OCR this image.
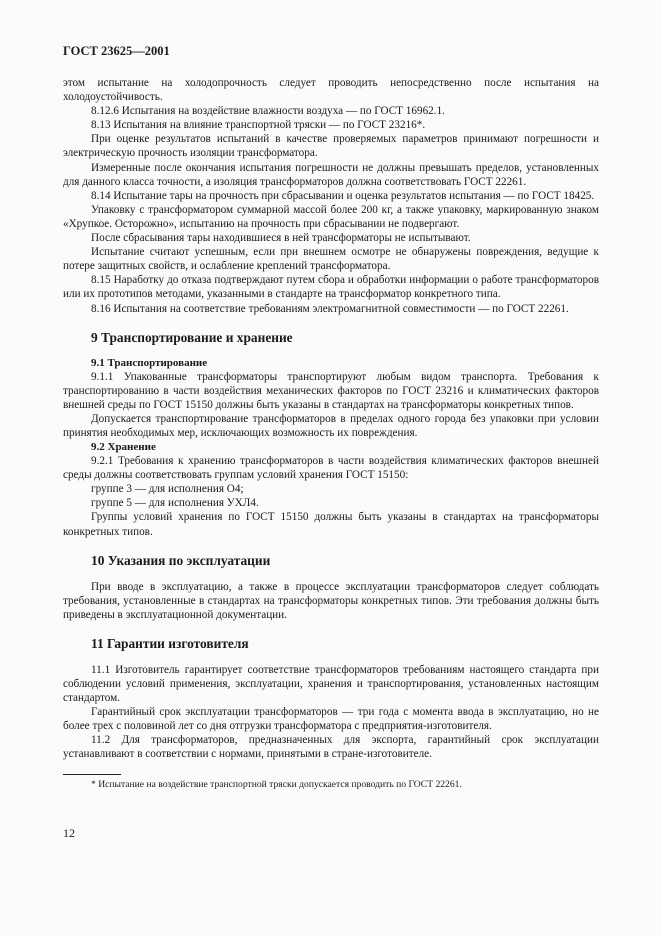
ГОСТ 23625—2001

этом испытание на холодопрочность следует проводить непосредственно после испытания на холодоустойчивость.

8.12.6 Испытания на воздействие влажности воздуха — по ГОСТ 16962.1.

8.13 Испытания на влияние транспортной тряски — по ГОСТ 23216*.

При оценке результатов испытаний в качестве проверяемых параметров принимают погрешности и электрическую прочность изоляции трансформатора.

Измеренные после окончания испытания погрешности не должны превышать пределов, установленных для данного класса точности, а изоляция трансформаторов должна соответствовать ГОСТ 22261.

8.14 Испытание тары на прочность при сбрасывании и оценка результатов испытания — по ГОСТ 18425.

Упаковку с трансформатором суммарной массой более 200 кг, а также упаковку, маркированную знаком «Хрупкое. Осторожно», испытанию на прочность при сбрасывании не подвергают.

После сбрасывания тары находившиеся в ней трансформаторы не испытывают.

Испытание считают успешным, если при внешнем осмотре не обнаружены повреждения, ведущие к потере защитных свойств, и ослабление креплений трансформатора.

8.15 Наработку до отказа подтверждают путем сбора и обработки информации о работе трансформаторов или их прототипов методами, указанными в стандарте на трансформатор конкретного типа.

8.16 Испытания на соответствие требованиям электромагнитной совместимости — по ГОСТ 22261.

9 Транспортирование и хранение
9.1 Транспортирование

9.1.1 Упакованные трансформаторы транспортируют любым видом транспорта. Требования к транспортированию в части воздействия механических факторов по ГОСТ 23216 и климатических факторов внешней среды по ГОСТ 15150 должны быть указаны в стандартах на трансформаторы конкретных типов.

Допускается транспортирование трансформаторов в пределах одного города без упаковки при условии принятия необходимых мер, исключающих возможность их повреждения.

9.2 Хранение

9.2.1 Требования к хранению трансформаторов в части воздействия климатических факторов внешней среды должны соответствовать группам условий хранения ГОСТ 15150:

группе 3 — для исполнения О4;

группе 5 — для исполнения УХЛ4.

Группы условий хранения по ГОСТ 15150 должны быть указаны в стандартах на трансформаторы конкретных типов.

10 Указания по эксплуатации

При вводе в эксплуатацию, а также в процессе эксплуатации трансформаторов следует соблюдать требования, установленные в стандартах на трансформаторы конкретных типов. Эти требования должны быть приведены в эксплуатационной документации.

11 Гарантии изготовителя

11.1 Изготовитель гарантирует соответствие трансформаторов требованиям настоящего стандарта при соблюдении условий применения, эксплуатации, хранения и транспортирования, установленных настоящим стандартом.

Гарантийный срок эксплуатации трансформаторов — три года с момента ввода в эксплуатацию, но не более трех с половиной лет со дня отгрузки трансформатора с предприятия-изготовителя.

11.2 Для трансформаторов, предназначенных для экспорта, гарантийный срок эксплуатации устанавливают в соответствии с нормами, принятыми в стране-изготовителе.

* Испытание на воздействие транспортной тряски допускается проводить по ГОСТ 22261.
12
